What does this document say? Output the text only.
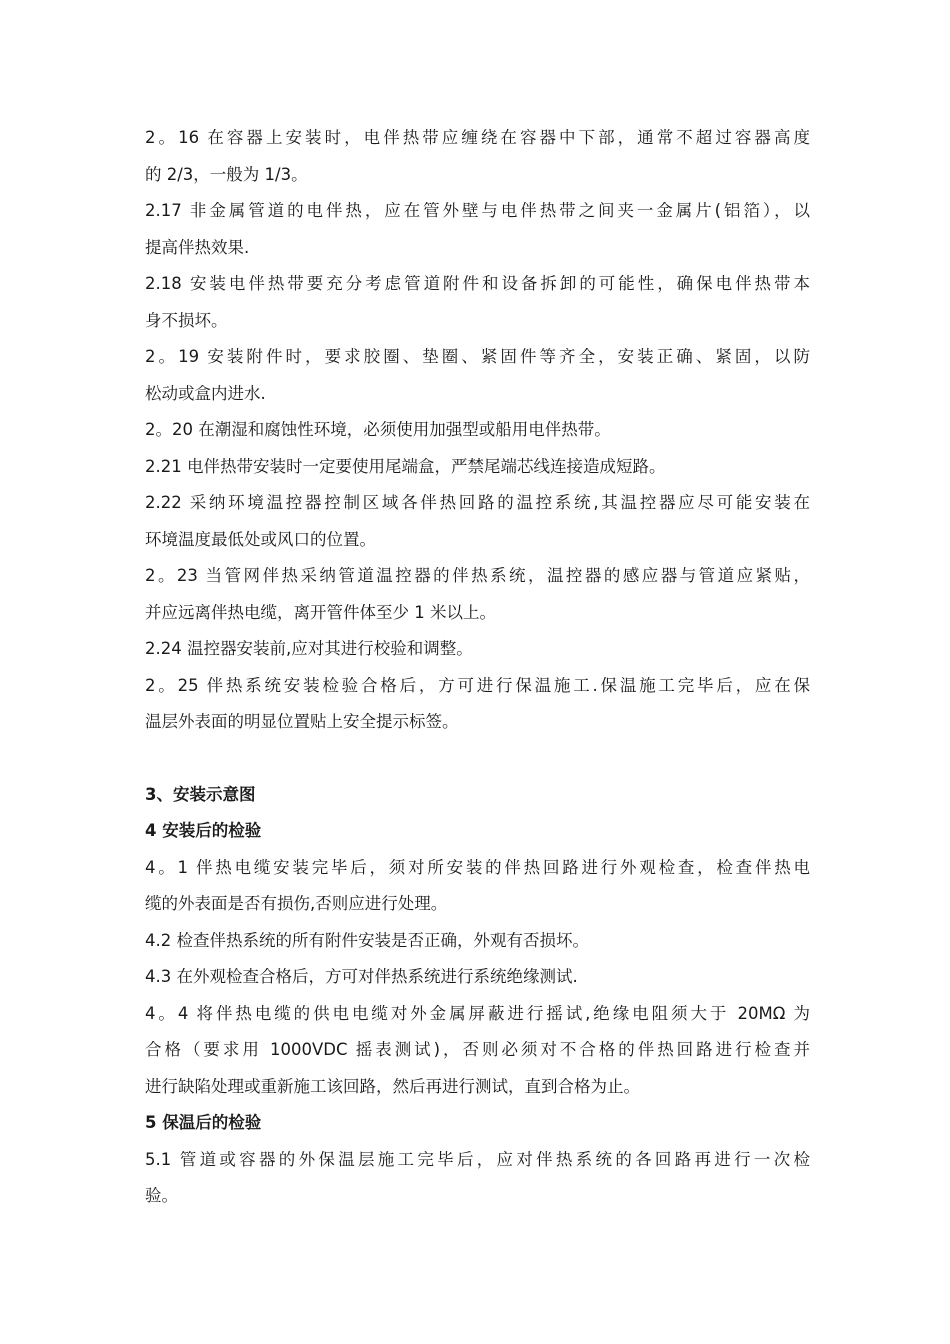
2。16 在容器上安装时，电伴热带应缠绕在容器中下部，通常不超过容器高度
的 2/3，一般为 1/3。
2.17 非金属管道的电伴热，应在管外壁与电伴热带之间夹一金属片(铝箔），以
提高伴热效果.
2.18 安装电伴热带要充分考虑管道附件和设备拆卸的可能性，确保电伴热带本
身不损坏。
2。19 安装附件时，要求胶圈、垫圈、紧固件等齐全，安装正确、紧固，以防
松动或盒内进水.
2。20 在潮湿和腐蚀性环境，必须使用加强型或船用电伴热带。
2.21 电伴热带安装时一定要使用尾端盒，严禁尾端芯线连接造成短路。
2.22 采纳环境温控器控制区域各伴热回路的温控系统,其温控器应尽可能安装在
环境温度最低处或风口的位置。
2。23 当管网伴热采纳管道温控器的伴热系统，温控器的感应器与管道应紧贴，
并应远离伴热电缆，离开管件体至少 1 米以上。
2.24 温控器安装前,应对其进行校验和调整。
2。25 伴热系统安装检验合格后，方可进行保温施工.保温施工完毕后，应在保
温层外表面的明显位置贴上安全提示标签。
3、安装示意图
4 安装后的检验
4。1 伴热电缆安装完毕后，须对所安装的伴热回路进行外观检查，检查伴热电
缆的外表面是否有损伤,否则应进行处理。
4.2 检查伴热系统的所有附件安装是否正确，外观有否损坏。
4.3 在外观检查合格后，方可对伴热系统进行系统绝缘测试.
4。4 将伴热电缆的供电电缆对外金属屏蔽进行摇试,绝缘电阻须大于 20MΩ 为
合格（要求用 1000VDC 摇表测试)，否则必须对不合格的伴热回路进行检查并
进行缺陷处理或重新施工该回路，然后再进行测试，直到合格为止。
5 保温后的检验
5.1 管道或容器的外保温层施工完毕后，应对伴热系统的各回路再进行一次检
验。
